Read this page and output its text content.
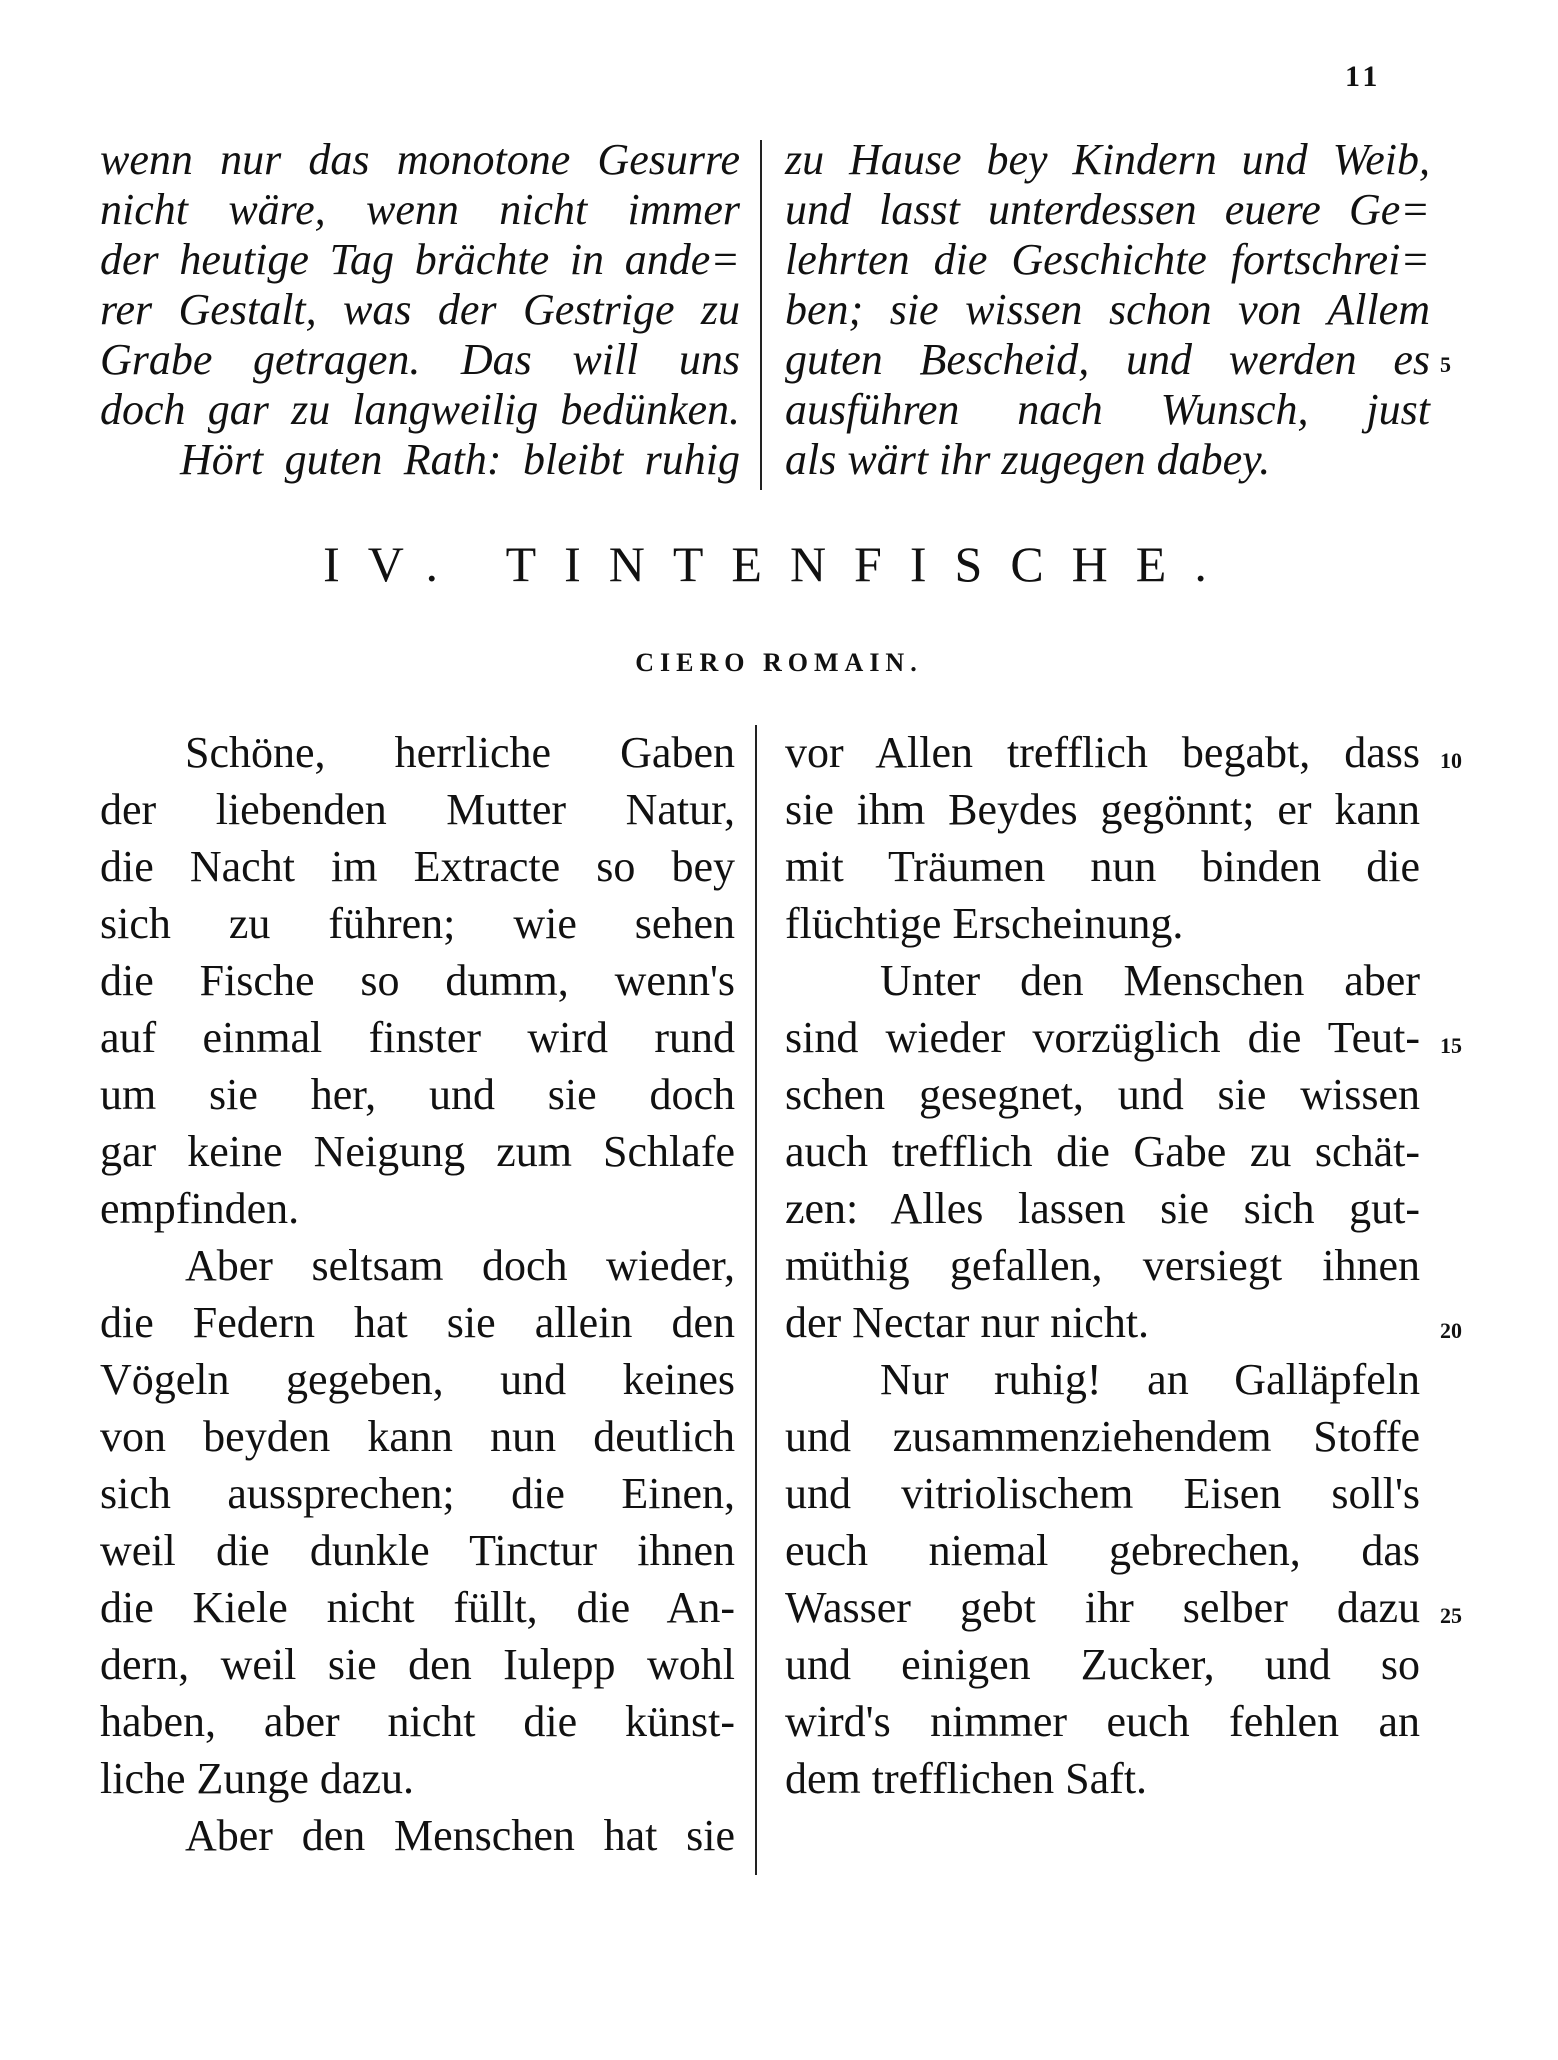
11
wenn nur das monotone Gesurre
nicht wäre, wenn nicht immer
der heutige Tag brächte in ande=
rer Gestalt, was der Gestrige zu
Grabe getragen. Das will uns
doch gar zu langweilig bedünken.
Hört guten Rath: bleibt ruhig
zu Hause bey Kindern und Weib,
und lasst unterdessen euere Ge=
lehrten die Geschichte fortschrei=
ben; sie wissen schon von Allem
guten Bescheid, und werden es
ausführen nach Wunsch, just
als wärt ihr zugegen dabey.
5
IV. TINTENFISCHE.
CIERO ROMAIN.
Schöne, herrliche Gaben
der liebenden Mutter Natur,
die Nacht im Extracte so bey
sich zu führen; wie sehen
die Fische so dumm, wenn's
auf einmal finster wird rund
um sie her, und sie doch
gar keine Neigung zum Schlafe
empfinden.
Aber seltsam doch wieder,
die Federn hat sie allein den
Vögeln gegeben, und keines
von beyden kann nun deutlich
sich aussprechen; die Einen,
weil die dunkle Tinctur ihnen
die Kiele nicht füllt, die An-
dern, weil sie den Iulepp wohl
haben, aber nicht die künst-
liche Zunge dazu.
Aber den Menschen hat sie
vor Allen trefflich begabt, dass
sie ihm Beydes gegönnt; er kann
mit Träumen nun binden die
flüchtige Erscheinung.
Unter den Menschen aber
sind wieder vorzüglich die Teut-
schen gesegnet, und sie wissen
auch trefflich die Gabe zu schät-
zen: Alles lassen sie sich gut-
müthig gefallen, versiegt ihnen
der Nectar nur nicht.
Nur ruhig! an Galläpfeln
und zusammenziehendem Stoffe
und vitriolischem Eisen soll's
euch niemal gebrechen, das
Wasser gebt ihr selber dazu
und einigen Zucker, und so
wird's nimmer euch fehlen an
dem trefflichen Saft.
10
15
20
25
